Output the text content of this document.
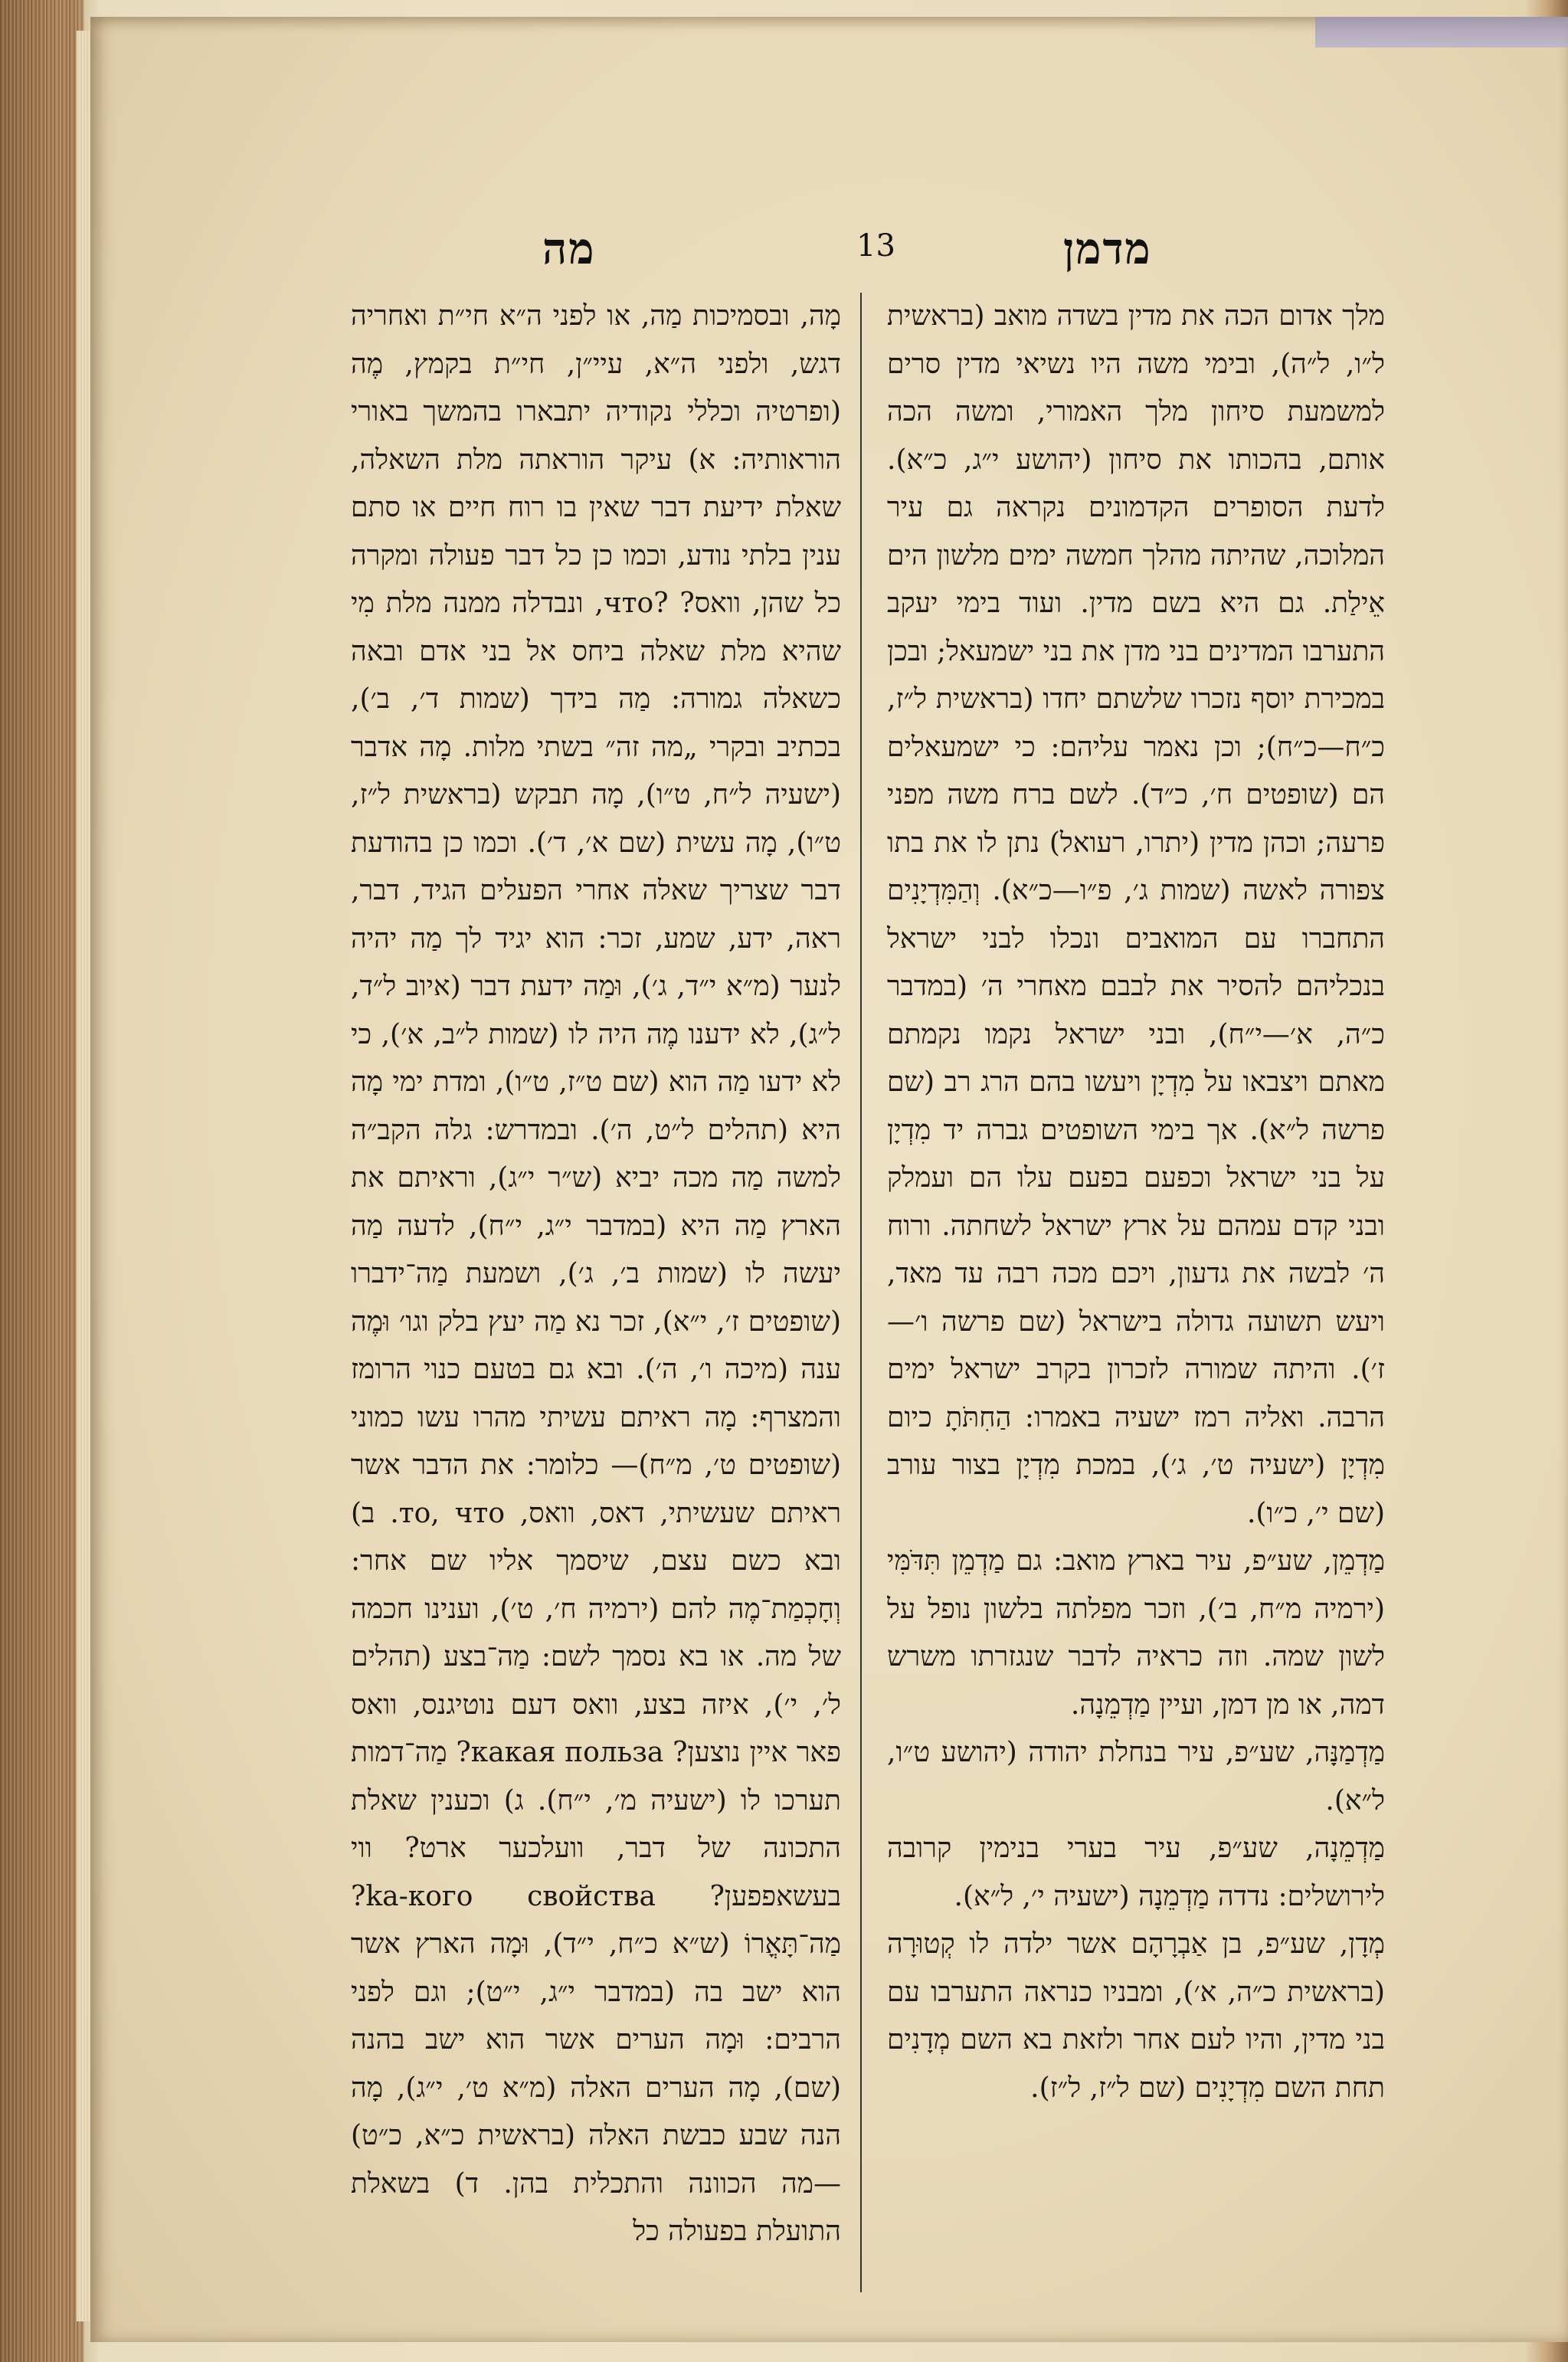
מדמן
13
מה

מלך אדום הכה את מדין בשדה מואב (בראשית ל״ו, ל״ה), ובימי משה היו נשיאי מדין סרים למשמעת סיחון מלך האמורי, ומשה הכה אותם, בהכותו את סיחון (יהושע י״ג, כ״א). לדעת הסופרים הקדמונים נקראה גם עיר המלוכה, שהיתה מהלך חמשה ימים מלשון הים אֵילַת. גם היא בשם מדין. ועוד בימי יעקב התערבו המדינים בני מדן את בני ישמעאל; ובכן במכירת יוסף נזכרו שלשתם יחדו (בראשית ל״ז, כ״ח—כ״ח); וכן נאמר עליהם: כי ישמעאלים הם (שופטים ח׳, כ״ד). לשם ברח משה מפני פרעה; וכהן מדין (יתרו, רעואל) נתן לו את בתו צפורה לאשה (שמות ג׳, פ״ו—כ״א). וְהַמִּדְיָנִים התחברו עם המואבים ונכלו לבני ישראל בנכליהם להסיר את לבבם מאחרי ה׳ (במדבר כ״ה, א׳—י״ח), ובני ישראל נקמו נקמתם מאתם ויצבאו על מִדְיָן ויעשו בהם הרג רב (שם פרשה ל״א). אך בימי השופטים גברה יד מִדְיָן על בני ישראל וכפעם בפעם עלו הם ועמלק ובני קדם עמהם על ארץ ישראל לשחתה. ורוח ה׳ לבשה את גדעון, ויכם מכה רבה עד מאד, ויעש תשועה גדולה בישראל (שם פרשה ו׳—ז׳). והיתה שמורה לזכרון בקרב ישראל ימים הרבה. ואליה רמז ישעיה באמרו: הַחִתֹּתָ כיום מִדְיָן (ישעיה ט׳, ג׳), במכת מִדְיָן בצור עורב (שם י׳, כ״ו).

מַדְמֵן, שע״פ, עיר בארץ מואב: גם מַדְמֵן תִּדֹּמִּי (ירמיה מ״ח, ב׳), וזכר מפלתה בלשון נופל על לשון שמה. וזה כראיה לדבר שנגזרתו משרש דמה, או מן דמן, ועיין מַדְמֵנָה.

מַדְמַנָּה, שע״פ, עיר בנחלת יהודה (יהושע ט״ו, ל״א).

מַדְמֵנָה, שע״פ, עיר בערי בנימין קרובה לירושלים: נדדה מַדְמֵנָה (ישעיה י׳, ל״א).

מְדָן, שע״פ, בן אַבְרָהָם אשר ילדה לו קְטוּרָה (בראשית כ״ה, א׳), ומבניו כנראה התערבו עם בני מדין, והיו לעם אחר ולזאת בא השם מְדָנִים תחת השם מִדְיָנִים (שם ל״ז, ל״ז).

מָה, ובסמיכות מַה, או לפני ה״א חי״ת ואחריה דגש, ולפני ה״א, עיי״ן, חי״ת בקמץ, מֶה (ופרטיה וכללי נקודיה יתבארו בהמשך באורי הוראותיה: א) עיקר הוראתה מלת השאלה, שאלת ידיעת דבר שאין בו רוח חיים או סתם ענין בלתי נודע, וכמו כן כל דבר פעולה ומקרה כל שהן, וואס? ?что, ונבדלה ממנה מלת מִי שהיא מלת שאלה ביחס אל בני אדם ובאה כשאלה גמורה: מַה בידך (שמות ד׳, ב׳), בכתיב ובקרי „מה זה״ בשתי מלות. מָה אדבר (ישעיה ל״ח, ט״ו), מָה תבקש (בראשית ל״ז, ט״ו), מָה עשית (שם א׳, ד׳). וכמו כן בהודעת דבר שצריך שאלה אחרי הפעלים הגיד, דבר, ראה, ידע, שמע, זכר: הוא יגיד לך מַה יהיה לנער (מ״א י״ד, ג׳), וּמַה ידעת דבר (איוב ל״ד, ל״ג), לא ידענו מֶה היה לו (שמות ל״ב, א׳), כי לא ידעו מַה הוא (שם ט״ז, ט״ו), ומדת ימי מָה היא (תהלים ל״ט, ה׳). ובמדרש: גלה הקב״ה למשה מַה מכה יביא (ש״ר י״ג), וראיתם את הארץ מַה היא (במדבר י״ג, י״ח), לדעה מַה יעשה לו (שמות ב׳, ג׳), ושמעת מַה־ידברו (שופטים ז׳, י״א), זכר נא מַה יעץ בלק וגו׳ וּמֶה ענה (מיכה ו׳, ה׳). ובא גם בטעם כנוי הרומז והמצרף: מָה ראיתם עשיתי מהרו עשו כמוני (שופטים ט׳, מ״ח)— כלומר: את הדבר אשר ראיתם שעשיתי, דאס, וואס, то, что. ב) ובא כשם עצם, שיסמך אליו שם אחר: וְחָכְמַת־מֶה להם (ירמיה ח׳, ט׳), וענינו חכמה של מה. או בא נסמך לשם: מַה־בצע (תהלים ל׳, י׳), איזה בצע, וואס דעם נוטיגנס, וואס פאר איין נוצען? какая польза? מַה־דמות תערכו לו (ישעיה מ׳, י״ח). ג) וכענין שאלת התכונה של דבר, וועלכער ארט? ווי בעשאפפען? ka-кого свойства? מַה־תָּאֳרוֹ (ש״א כ״ח, י״ד), וּמָה הארץ אשר הוא ישב בה (במדבר י״ג, י״ט); וגם לפני הרבים: וּמָה הערים אשר הוא ישב בהנה (שם), מָה הערים האלה (מ״א ט׳, י״ג), מָה הנה שבע כבשת האלה (בראשית כ״א, כ״ט)—מה הכוונה והתכלית בהן. ד) בשאלת התועלת בפעולה כל
